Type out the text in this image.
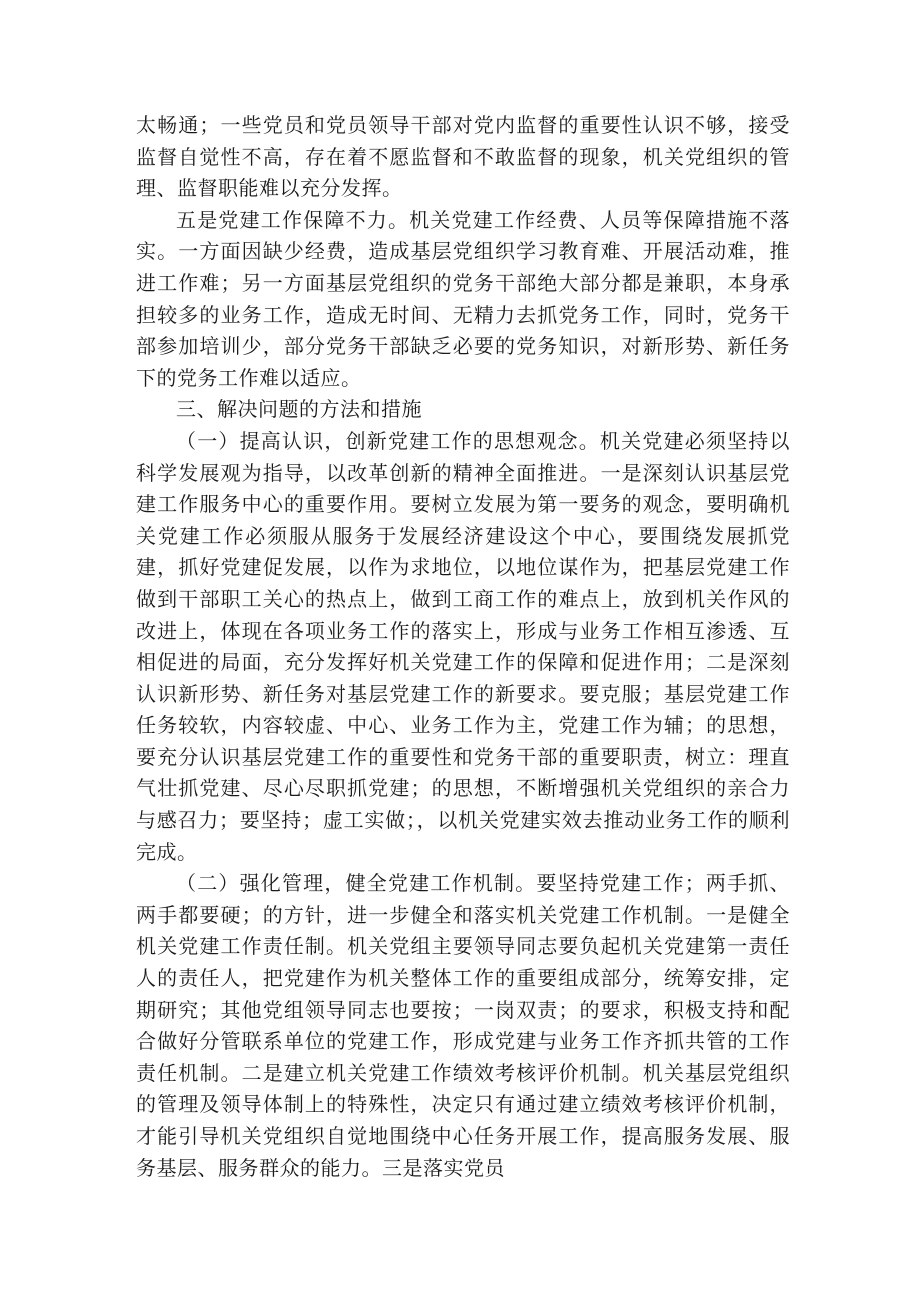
太畅通；一些党员和党员领导干部对党内监督的重要性认识不够，接受监督自觉性不高，存在着不愿监督和不敢监督的现象，机关党组织的管理、监督职能难以充分发挥。

五是党建工作保障不力。机关党建工作经费、人员等保障措施不落实。一方面因缺少经费，造成基层党组织学习教育难、开展活动难，推进工作难；另一方面基层党组织的党务干部绝大部分都是兼职，本身承担较多的业务工作，造成无时间、无精力去抓党务工作，同时，党务干部参加培训少，部分党务干部缺乏必要的党务知识，对新形势、新任务下的党务工作难以适应。

三、解决问题的方法和措施

（一）提高认识，创新党建工作的思想观念。机关党建必须坚持以科学发展观为指导，以改革创新的精神全面推进。一是深刻认识基层党建工作服务中心的重要作用。要树立发展为第一要务的观念，要明确机关党建工作必须服从服务于发展经济建设这个中心，要围绕发展抓党建，抓好党建促发展，以作为求地位，以地位谋作为，把基层党建工作做到干部职工关心的热点上，做到工商工作的难点上，放到机关作风的改进上，体现在各项业务工作的落实上，形成与业务工作相互渗透、互相促进的局面，充分发挥好机关党建工作的保障和促进作用；二是深刻认识新形势、新任务对基层党建工作的新要求。要克服；基层党建工作任务较软，内容较虚、中心、业务工作为主，党建工作为辅；的思想，要充分认识基层党建工作的重要性和党务干部的重要职责，树立：理直气壮抓党建、尽心尽职抓党建；的思想，不断增强机关党组织的亲合力与感召力；要坚持；虚工实做；，以机关党建实效去推动业务工作的顺利完成。

（二）强化管理，健全党建工作机制。要坚持党建工作；两手抓、两手都要硬；的方针，进一步健全和落实机关党建工作机制。一是健全机关党建工作责任制。机关党组主要领导同志要负起机关党建第一责任人的责任人，把党建作为机关整体工作的重要组成部分，统筹安排，定期研究；其他党组领导同志也要按；一岗双责；的要求，积极支持和配合做好分管联系单位的党建工作，形成党建与业务工作齐抓共管的工作责任机制。二是建立机关党建工作绩效考核评价机制。机关基层党组织的管理及领导体制上的特殊性，决定只有通过建立绩效考核评价机制，才能引导机关党组织自觉地围绕中心任务开展工作，提高服务发展、服务基层、服务群众的能力。三是落实党员
